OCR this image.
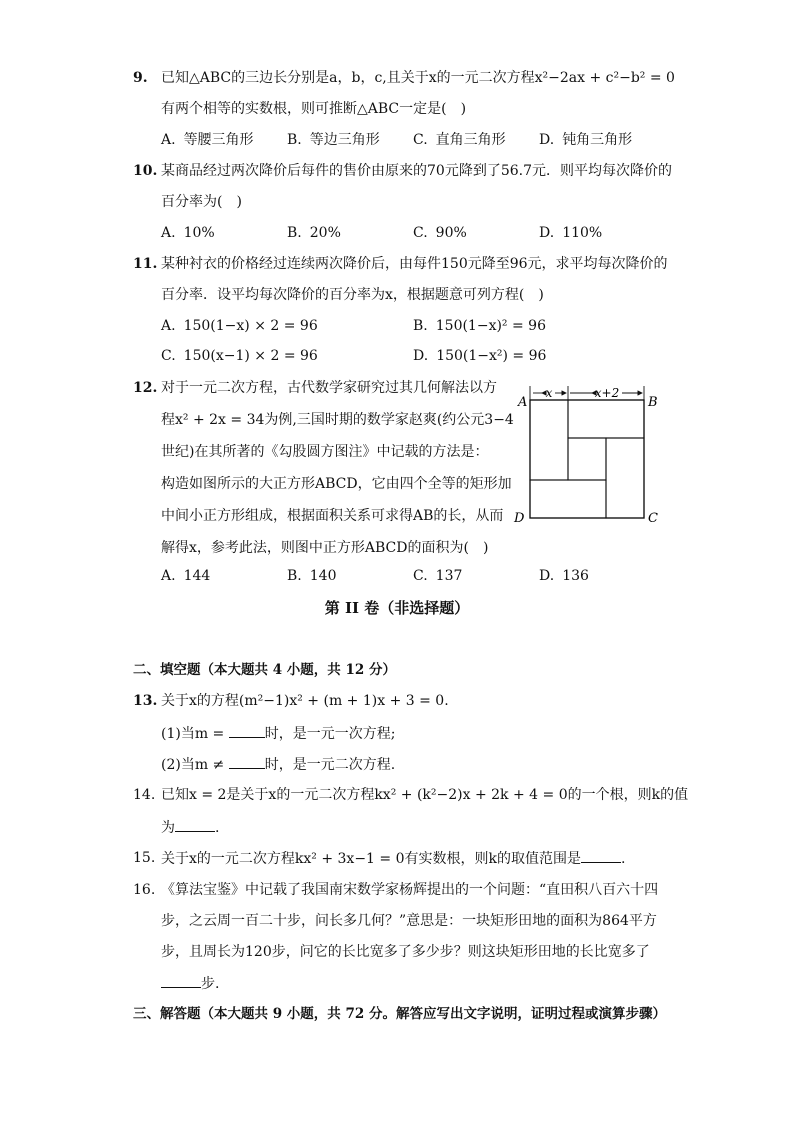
9. 已知△ABC的三边长分别是a，b，c,且关于x的一元二次方程x²−2ax + c²−b² = 0
有两个相等的实数根，则可推断△ABC一定是(　)
A. 等腰三角形 B. 等边三角形 C. 直角三角形 D. 钝角三角形
10. 某商品经过两次降价后每件的售价由原来的70元降到了56.7元．则平均每次降价的
百分率为(　)
A. 10%	B. 20%	C. 90%	D. 110%
11. 某种衬衣的价格经过连续两次降价后，由每件150元降至96元，求平均每次降价的
百分率．设平均每次降价的百分率为x，根据题意可列方程(　)
A. 150(1−x) × 2 = 96	B. 150(1−x)² = 96
C. 150(x−1) × 2 = 96	D. 150(1−x²) = 96
12. 对于一元二次方程，古代数学家研究过其几何解法以方
程x² + 2x = 34为例,三国时期的数学家赵爽(约公元3−4
世纪)在其所著的《勾股圆方图注》中记载的方法是：
构造如图所示的大正方形ABCD，它由四个全等的矩形加
中间小正方形组成，根据面积关系可求得AB的长，从而
解得x，参考此法，则图中正方形ABCD的面积为(　)
x	x+2
A	B
C
D
A. 144	B. 140	C. 137	D. 136
第 II 卷（非选择题）
二、填空题（本大题共 4 小题，共 12 分）
13. 关于x的方程(m²−1)x² + (m + 1)x + 3 = 0.
(1)当m =	时，是一元一次方程;
(2)当m ≠	时，是一元二次方程.
14. 已知x = 2是关于x的一元二次方程kx² + (k²−2)x + 2k + 4 = 0的一个根，则k的值
为	.
15. 关于x的一元二次方程kx² + 3x−1 = 0有实数根，则k的取值范围是	.
16. 《算法宝鉴》中记载了我国南宋数学家杨辉提出的一个问题：“直田积八百六十四
步，之云周一百二十步，问长多几何？”意思是：一块矩形田地的面积为864平方
步，且周长为120步，问它的长比宽多了多少步？则这块矩形田地的长比宽多了
步.
三、解答题（本大题共 9 小题，共 72 分。解答应写出文字说明，证明过程或演算步骤）
